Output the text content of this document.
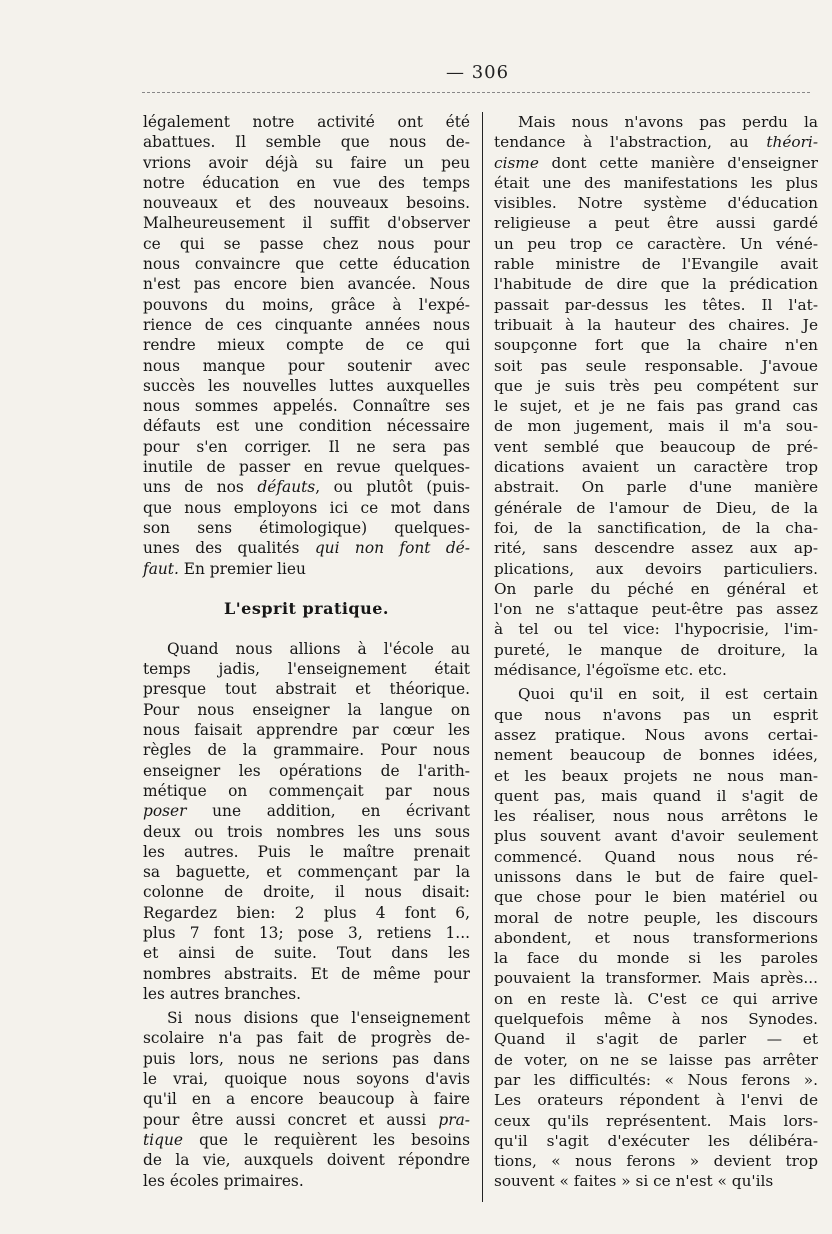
— 306
légalement notre activité ont été
abattues. Il semble que nous de-
vrions avoir déjà su faire un peu
notre éducation en vue des temps
nouveaux et des nouveaux besoins.
Malheureusement il suffit d'observer
ce qui se passe chez nous pour
nous convaincre que cette éducation
n'est pas encore bien avancée. Nous
pouvons du moins, grâce à l'expé-
rience de ces cinquante années nous
rendre mieux compte de ce qui
nous manque pour soutenir avec
succès les nouvelles luttes auxquelles
nous sommes appelés. Connaître ses
défauts est une condition nécessaire
pour s'en corriger. Il ne sera pas
inutile de passer en revue quelques-
uns de nos défauts, ou plutôt (puis-
que nous employons ici ce mot dans
son sens étimologique) quelques-
unes des qualités qui non font dé-
faut. En premier lieu
L'esprit pratique.
Quand nous allions à l'école au
temps jadis, l'enseignement était
presque tout abstrait et théorique.
Pour nous enseigner la langue on
nous faisait apprendre par cœur les
règles de la grammaire. Pour nous
enseigner les opérations de l'arith-
métique on commençait par nous
poser une addition, en écrivant
deux ou trois nombres les uns sous
les autres. Puis le maître prenait
sa baguette, et commençant par la
colonne de droite, il nous disait:
Regardez bien: 2 plus 4 font 6,
plus 7 font 13; pose 3, retiens 1...
et ainsi de suite. Tout dans les
nombres abstraits. Et de même pour
les autres branches.
Si nous disions que l'enseignement
scolaire n'a pas fait de progrès de-
puis lors, nous ne serions pas dans
le vrai, quoique nous soyons d'avis
qu'il en a encore beaucoup à faire
pour être aussi concret et aussi pra-
tique que le requièrent les besoins
de la vie, auxquels doivent répondre
les écoles primaires.
Mais nous n'avons pas perdu la
tendance à l'abstraction, au théori-
cisme dont cette manière d'enseigner
était une des manifestations les plus
visibles. Notre système d'éducation
religieuse a peut être aussi gardé
un peu trop ce caractère. Un véné-
rable ministre de l'Evangile avait
l'habitude de dire que la prédication
passait par-dessus les têtes. Il l'at-
tribuait à la hauteur des chaires. Je
soupçonne fort que la chaire n'en
soit pas seule responsable. J'avoue
que je suis très peu compétent sur
le sujet, et je ne fais pas grand cas
de mon jugement, mais il m'a sou-
vent semblé que beaucoup de pré-
dications avaient un caractère trop
abstrait. On parle d'une manière
générale de l'amour de Dieu, de la
foi, de la sanctification, de la cha-
rité, sans descendre assez aux ap-
plications, aux devoirs particuliers.
On parle du péché en général et
l'on ne s'attaque peut-être pas assez
à tel ou tel vice: l'hypocrisie, l'im-
pureté, le manque de droiture, la
médisance, l'égoïsme etc. etc.
Quoi qu'il en soit, il est certain
que nous n'avons pas un esprit
assez pratique. Nous avons certai-
nement beaucoup de bonnes idées,
et les beaux projets ne nous man-
quent pas, mais quand il s'agit de
les réaliser, nous nous arrêtons le
plus souvent avant d'avoir seulement
commencé. Quand nous nous ré-
unissons dans le but de faire quel-
que chose pour le bien matériel ou
moral de notre peuple, les discours
abondent, et nous transformerions
la face du monde si les paroles
pouvaient la transformer. Mais après...
on en reste là. C'est ce qui arrive
quelquefois même à nos Synodes.
Quand il s'agit de parler — et
de voter, on ne se laisse pas arrêter
par les difficultés: « Nous ferons ».
Les orateurs répondent à l'envi de
ceux qu'ils représentent. Mais lors-
qu'il s'agit d'exécuter les délibéra-
tions, « nous ferons » devient trop
souvent « faites » si ce n'est « qu'ils
